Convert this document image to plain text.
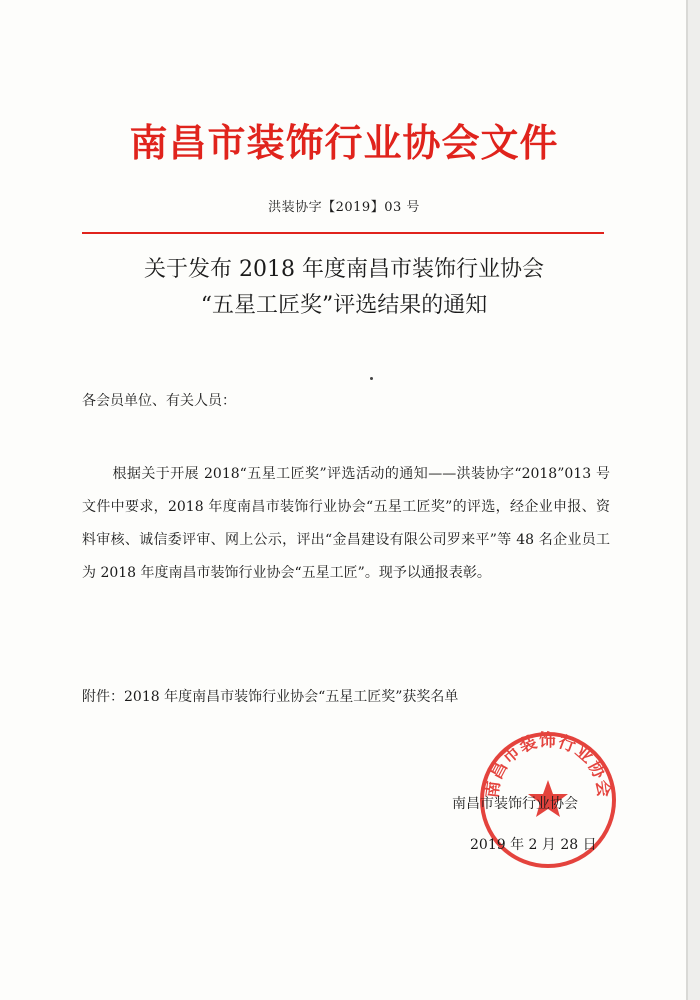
南昌市装饰行业协会文件
洪装协字【2019】03 号
关于发布 2018 年度南昌市装饰行业协会
“五星工匠奖”评选结果的通知
各会员单位、有关人员：
根据关于开展 2018“五星工匠奖”评选活动的通知——洪装协字“2018”013 号文件中要求，2018 年度南昌市装饰行业协会“五星工匠奖”的评选，经企业申报、资料审核、诚信委评审、网上公示，评出“金昌建设有限公司罗来平”等 48 名企业员工为 2018 年度南昌市装饰行业协会“五星工匠”。现予以通报表彰。
附件：2018 年度南昌市装饰行业协会“五星工匠奖”获奖名单
南昌市装饰行业协会
南昌市装饰行业协会
2019 年 2 月 28 日
